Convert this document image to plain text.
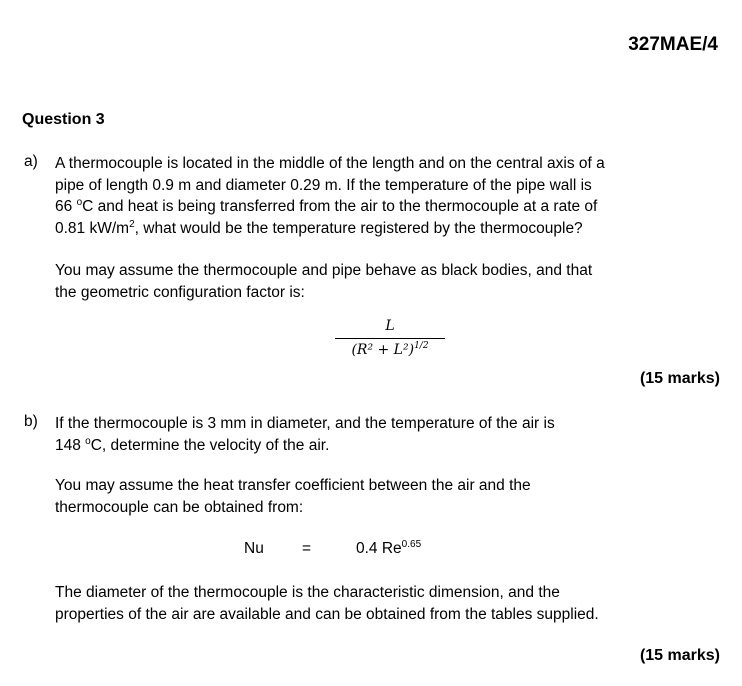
327MAE/4
Question 3
a) A thermocouple is located in the middle of the length and on the central axis of a

pipe of length 0.9 m and diameter 0.29 m. If the temperature of the pipe wall is

66 $^o$C and heat is being transferred from the air to the thermocouple at a rate of

0.81 $kW/m^2$, what would be the temperature registered by the thermocouple?

You may assume the thermocouple and pipe behave as black bodies, and that

the geometric configuration factor is:

L
$(R^2 + L^2)^{1/2}$
(15 marks)
b) If the thermocouple is 3 mm in diameter, and the temperature of the air is

148 $^o$C, determine the velocity of the air.

You may assume the heat transfer coefficient between the air and the

thermocouple can be obtained from:

Nu =	0.4 $Re^{0.65}$

The diameter of the thermocouple is the characteristic dimension, and the

properties of the air are available and can be obtained from the tables supplied.

(15 marks)
